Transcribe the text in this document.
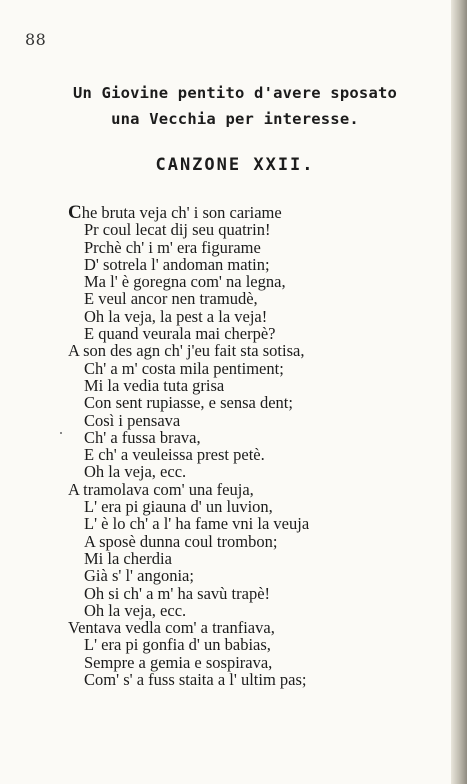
88
Un Giovine pentito d'avere sposato
una Vecchia per interesse.
CANZONE XXII.
Che bruta veja ch' i son cariame
Pr coul lecat dij seu quatrin!
Prchè ch' i m' era figurame
D' sotrela l' andoman matin;
Ma l' è goregna com' na legna,
E veul ancor nen tramudè,
Oh la veja, la pest a la veja!
E quand veurala mai cherpè?
A son des agn ch' j'eu fait sta sotisa,
Ch' a m' costa mila pentiment;
Mi la vedia tuta grisa
Con sent rupiasse, e sensa dent;
Così i pensava
Ch' a fussa brava,
E ch' a veuleissa prest petè.
Oh la veja, ecc.
A tramolava com' una feuja,
L' era pi giauna d' un luvion,
L' è lo ch' a l' ha fame vni la veuja
A sposè dunna coul trombon;
Mi la cherdia
Già s' l' angonia;
Oh si ch' a m' ha savù trapè!
Oh la veja, ecc.
Ventava vedla com' a tranfiava,
L' era pi gonfia d' un babias,
Sempre a gemia e sospirava,
Com' s' a fuss staita a l' ultim pas;
